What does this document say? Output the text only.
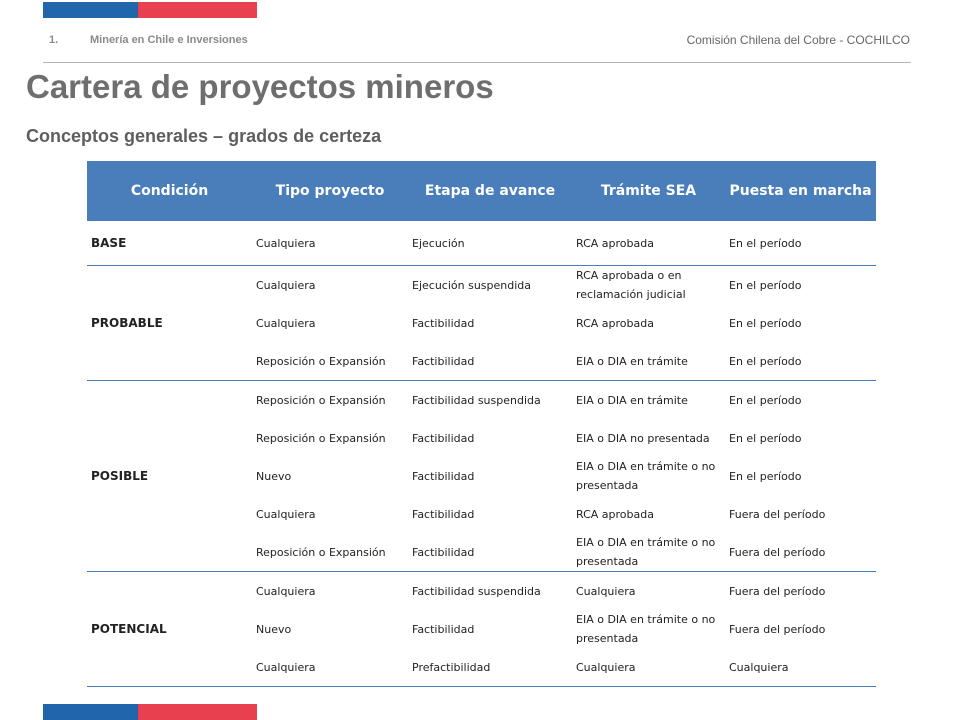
1.	Minería en Chile e Inversiones	Comisión Chilena del Cobre - COCHILCO
Cartera de proyectos mineros
Conceptos generales – grados de certeza
Condición	Tipo proyecto	Etapa de avance	Trámite SEA	Puesta en marcha
BASE	Cualquiera	Ejecución	RCA aprobada	En el período
PROBABLE	Cualquiera	Ejecución suspendida	RCA aprobada o en reclamación judicial	En el período
	Cualquiera	Factibilidad	RCA aprobada	En el período
	Reposición o Expansión	Factibilidad	EIA o DIA en trámite	En el período
POSIBLE	Reposición o Expansión	Factibilidad suspendida	EIA o DIA en trámite	En el período
	Reposición o Expansión	Factibilidad	EIA o DIA no presentada	En el período
	Nuevo	Factibilidad	EIA o DIA en trámite o no presentada	En el período
	Cualquiera	Factibilidad	RCA aprobada	Fuera del período
	Reposición o Expansión	Factibilidad	EIA o DIA en trámite o no presentada	Fuera del período
POTENCIAL	Cualquiera	Factibilidad suspendida	Cualquiera	Fuera del período
	Nuevo	Factibilidad	EIA o DIA en trámite o no presentada	Fuera del período
	Cualquiera	Prefactibilidad	Cualquiera	Cualquiera
